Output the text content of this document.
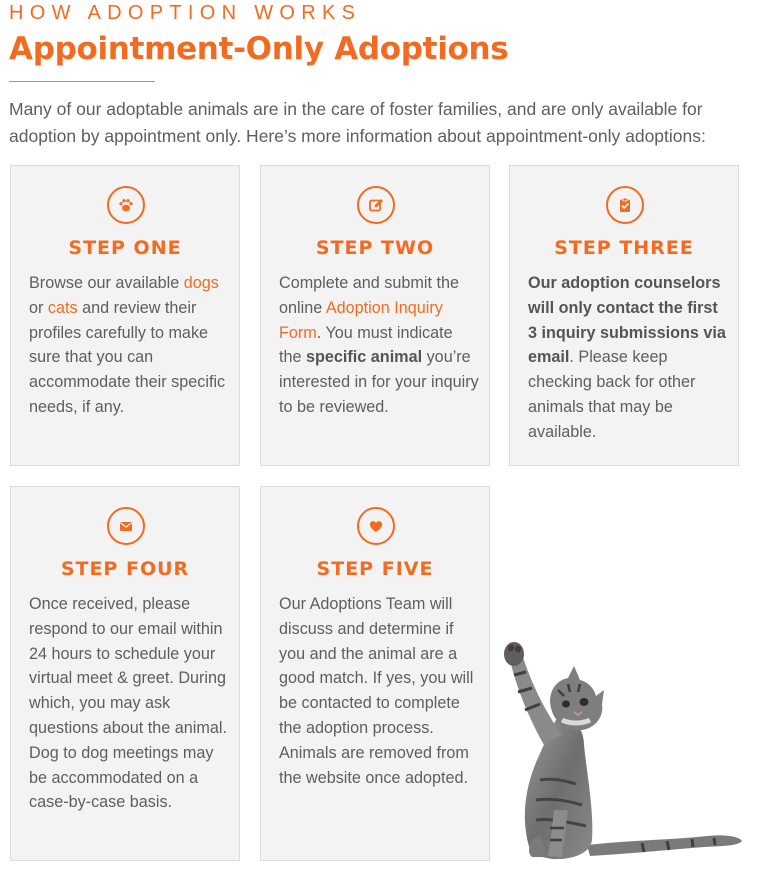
HOW ADOPTION WORKS
Appointment-Only Adoptions

Many of our adoptable animals are in the care of foster families, and are only available for adoption by appointment only. Here’s more information about appointment-only adoptions:

STEP ONE

Browse our available dogs or cats and review their profiles carefully to make sure that you can accommodate their specific needs, if any.

STEP TWO

Complete and submit the online Adoption Inquiry Form. You must indicate the specific animal you’re interested in for your inquiry to be reviewed.

STEP THREE

Our adoption counselors will only contact the first 3 inquiry submissions via email. Please keep checking back for other animals that may be available.

STEP FOUR

Once received, please respond to our email within 24 hours to schedule your virtual meet & greet. During which, you may ask questions about the animal. Dog to dog meetings may be accommodated on a case-by-case basis.

STEP FIVE

Our Adoptions Team will discuss and determine if you and the animal are a good match. If yes, you will be contacted to complete the adoption process. Animals are removed from the website once adopted.
